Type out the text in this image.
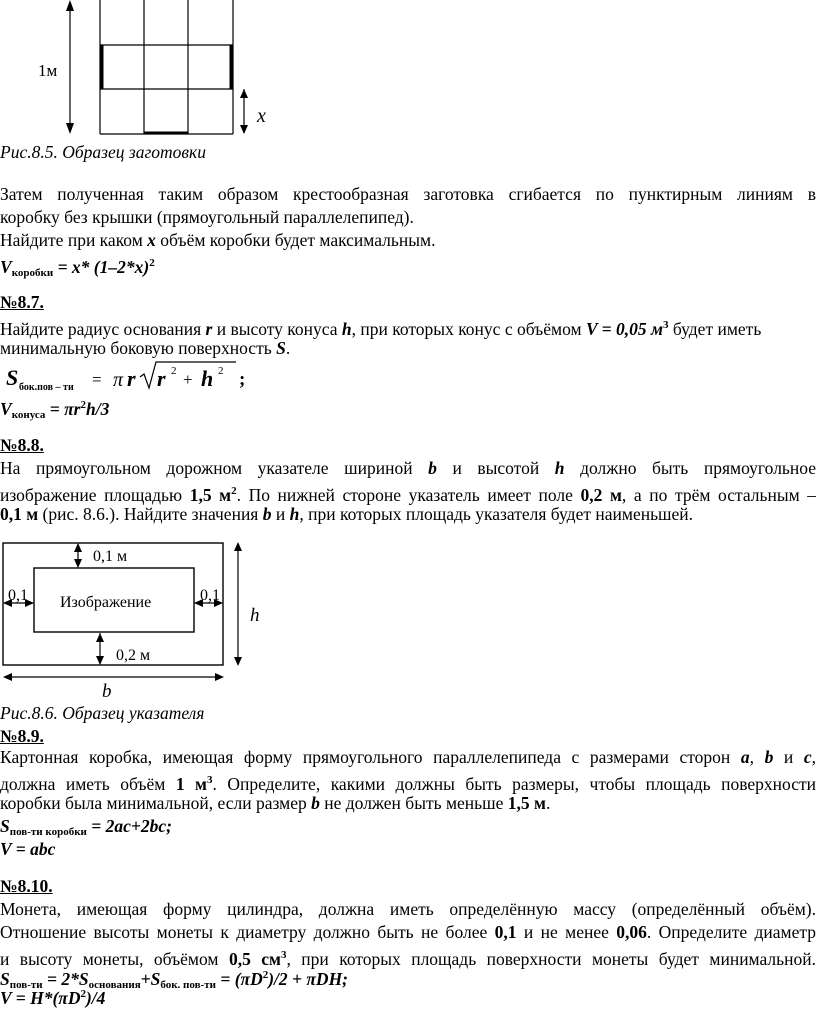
1м
x
Рис.8.5. Образец заготовки
Затем полученная таким образом крестообразная заготовка сгибается по пунктирным линиям в
коробку без крышки (прямоугольный параллелепипед).
Найдите при каком x объём коробки будет максимальным.
$V_{коробки} = x*$ $(1-2*x)^2$
№8.7.
Найдите радиус основания r и высоту конуса h, при которых конус с объёмом V = 0,05 $м^3$ будет иметь
минимальную боковую поверхность S.
S бок.пов – ти = π r r 2 + h 2 ;
$V_{конуса} = \pi r^2h/3$
№8.8.
На прямоугольном дорожном указателе шириной b и высотой h должно быть прямоугольное
изображение площадью 1,5 $м^2$. По нижней стороне указатель имеет поле 0,2 м, а по трём остальным –
0,1 м (рис. 8.6.). Найдите значения b и h, при которых площадь указателя будет наименьшей.
0,1 м
0,1	0,1
Изображение
0,2 м
h
b
Рис.8.6. Образец указателя
№8.9.
Картонная коробка, имеющая форму прямоугольного параллелепипеда с размерами сторон a, b и c,
должна иметь объём 1 $м^3$. Определите, какими должны быть размеры, чтобы площадь поверхности
коробки была минимальной, если размер b не должен быть меньше 1,5 м.
$S_{пов-ти коробки} = 2ac+2bc$;
V = abc
№8.10.
Монета, имеющая форму цилиндра, должна иметь определённую массу (определённый объём).
Отношение высоты монеты к диаметру должно быть не более 0,1 и не менее 0,06. Определите диаметр
и высоту монеты, объёмом 0,5 $см^3$, при которых площадь поверхности монеты будет минимальной.
$S_{пов-ти} = 2*S_{основания}+S_{бок. пов-ти} = (\pi D^2)/2 + \pi DH$;
$V = H*(\pi D^2)/4$
